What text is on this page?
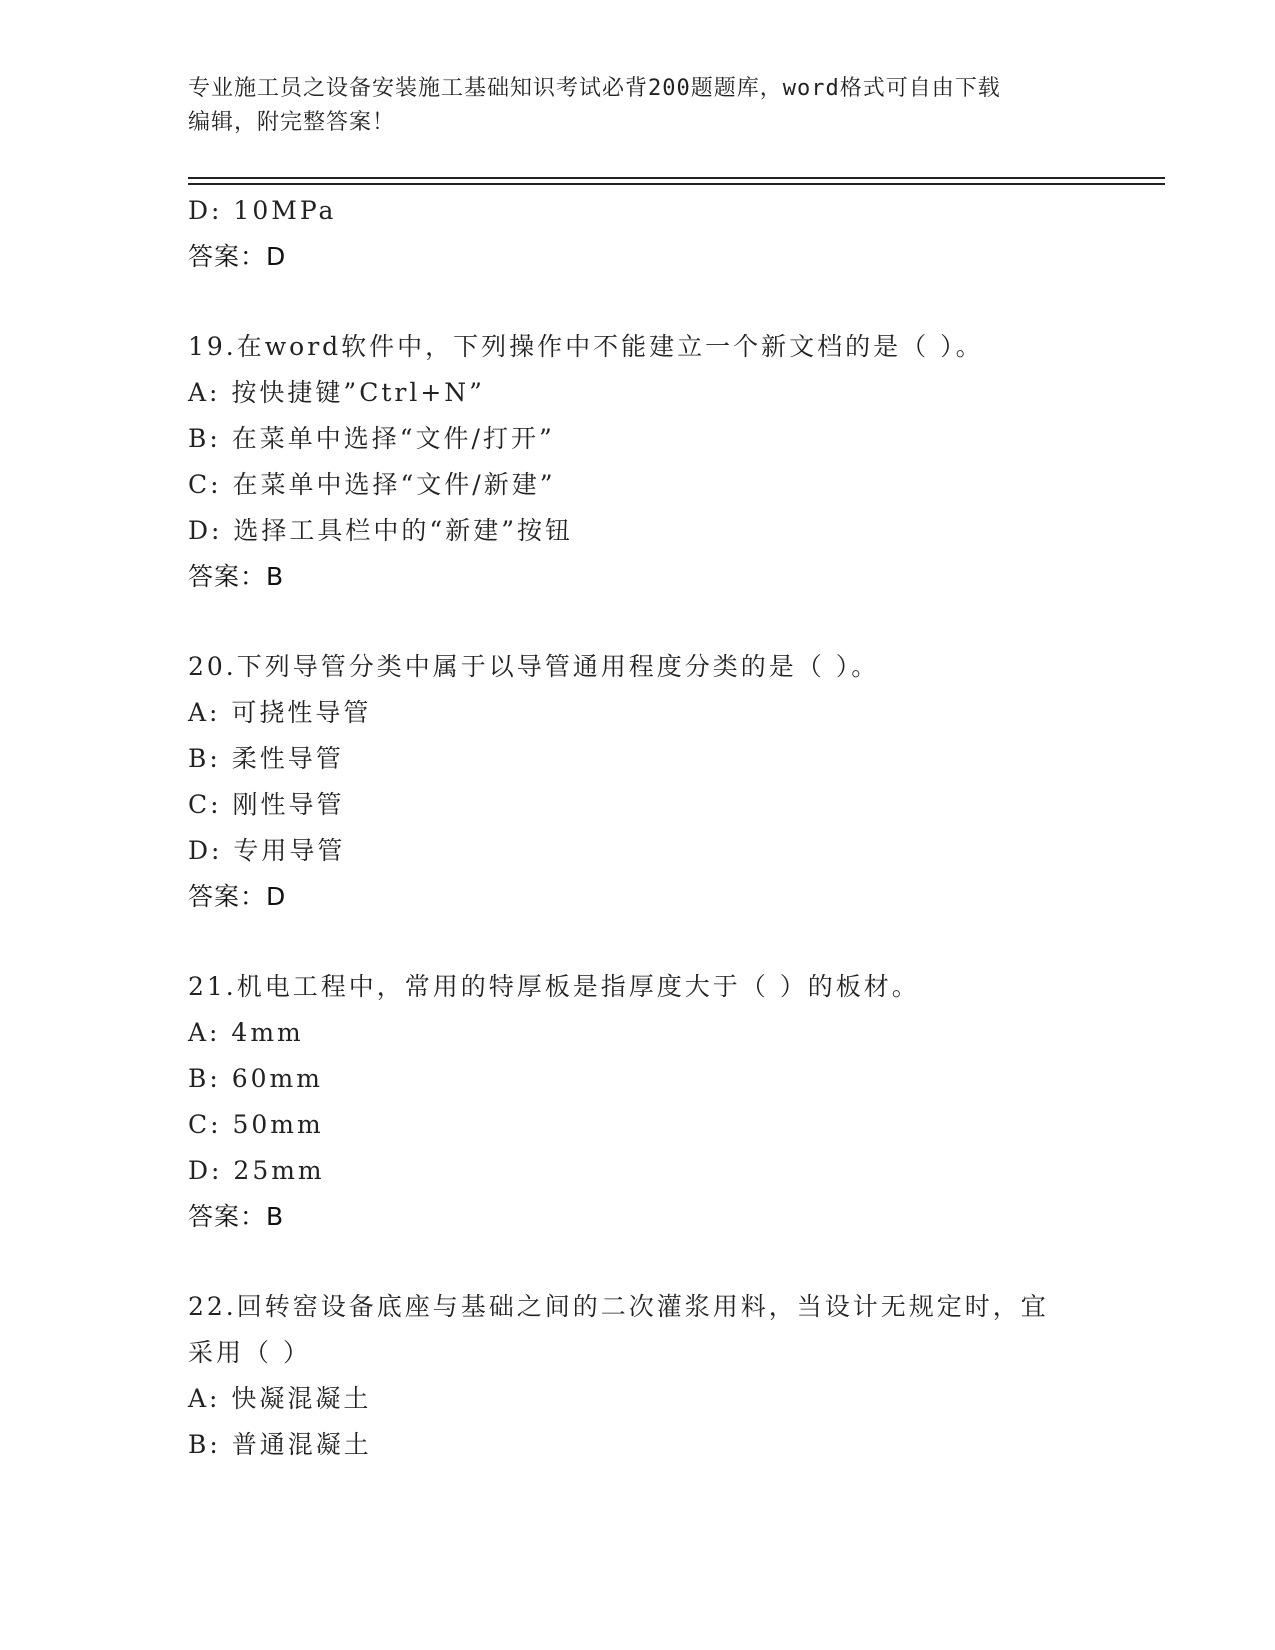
专业施工员之设备安装施工基础知识考试必背200题题库，word格式可自由下载
编辑，附完整答案！
D: 10MPa
答案：D
19.在word软件中，下列操作中不能建立一个新文档的是（ ）。
A: 按快捷键”Ctrl+N”
B: 在菜单中选择“文件/打开”
C: 在菜单中选择“文件/新建”
D: 选择工具栏中的“新建”按钮
答案：B
20.下列导管分类中属于以导管通用程度分类的是（ ）。
A: 可挠性导管
B: 柔性导管
C: 刚性导管
D: 专用导管
答案：D
21.机电工程中，常用的特厚板是指厚度大于（ ）的板材。
A: 4mm
B: 60mm
C: 50mm
D: 25mm
答案：B
22.回转窑设备底座与基础之间的二次灌浆用料，当设计无规定时，宜
采用（ ）
A: 快凝混凝土
B: 普通混凝土
